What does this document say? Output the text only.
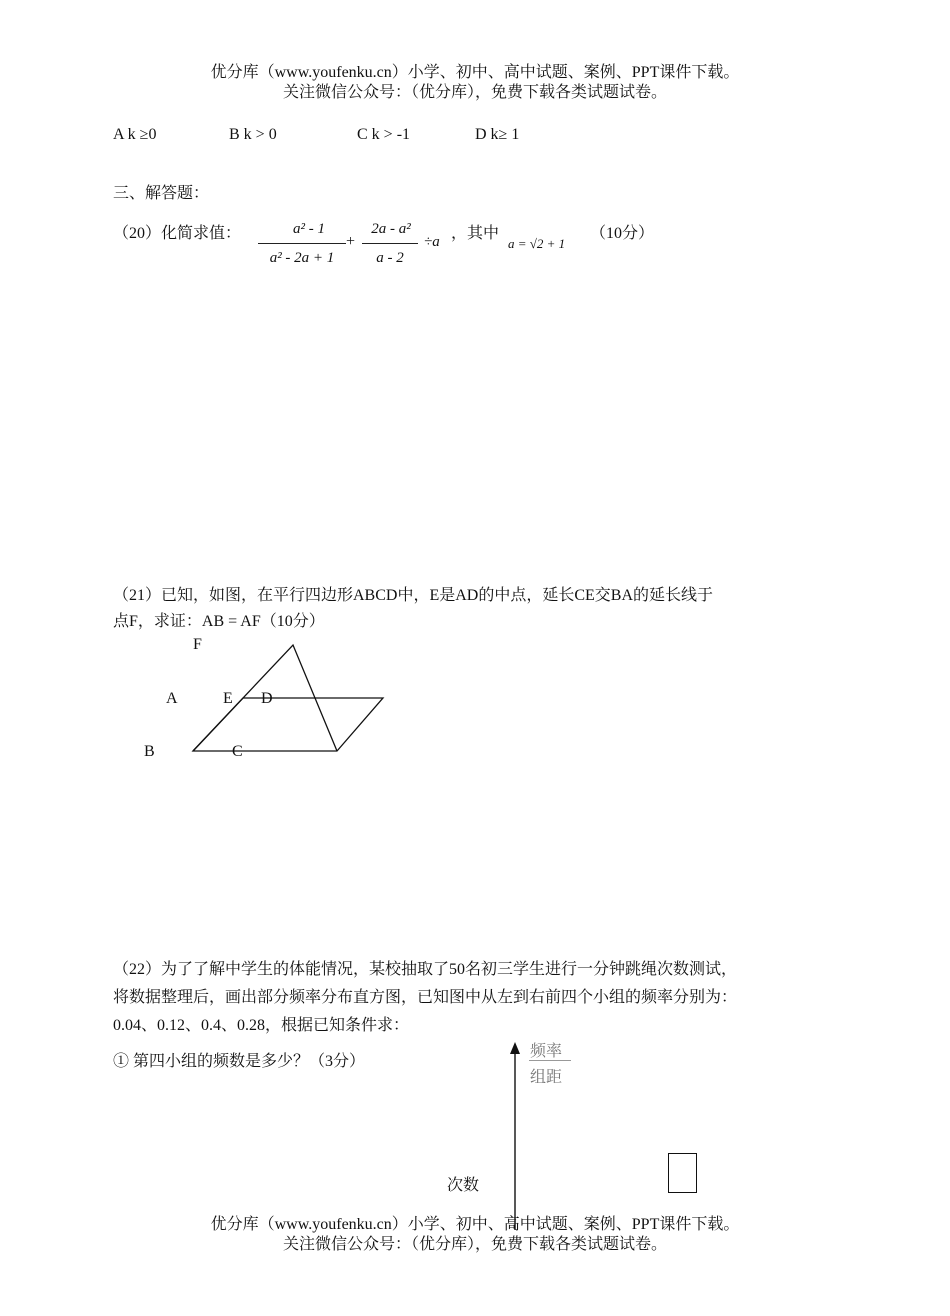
优分库（www.youfenku.cn）小学、初中、高中试题、案例、PPT课件下载。
关注微信公众号：（优分库），免费下载各类试题试卷。
A k ≥0	B k > 0	C k > -1	D k≥ 1
三、解答题：
（20）化简求值：	a² - 1
a² - 2a + 1
+
2a - a²
a - 2
÷a ，其中
a = √2 + 1
（10分）
（21）已知，如图，在平行四边形ABCD中，E是AD的中点，延长CE交BA的延长线于
点F，求证：AB = AF（10分）
F
A	E D
B	C
（22）为了了解中学生的体能情况，某校抽取了50名初三学生进行一分钟跳绳次数测试，
将数据整理后，画出部分频率分布直方图，已知图中从左到右前四个小组的频率分别为：
0.04、0.12、0.4、0.28，根据已知条件求：
① 第四小组的频数是多少？（3分）
频率
组距
次数
优分库（www.youfenku.cn）小学、初中、高中试题、案例、PPT课件下载。
关注微信公众号：（优分库），免费下载各类试题试卷。
